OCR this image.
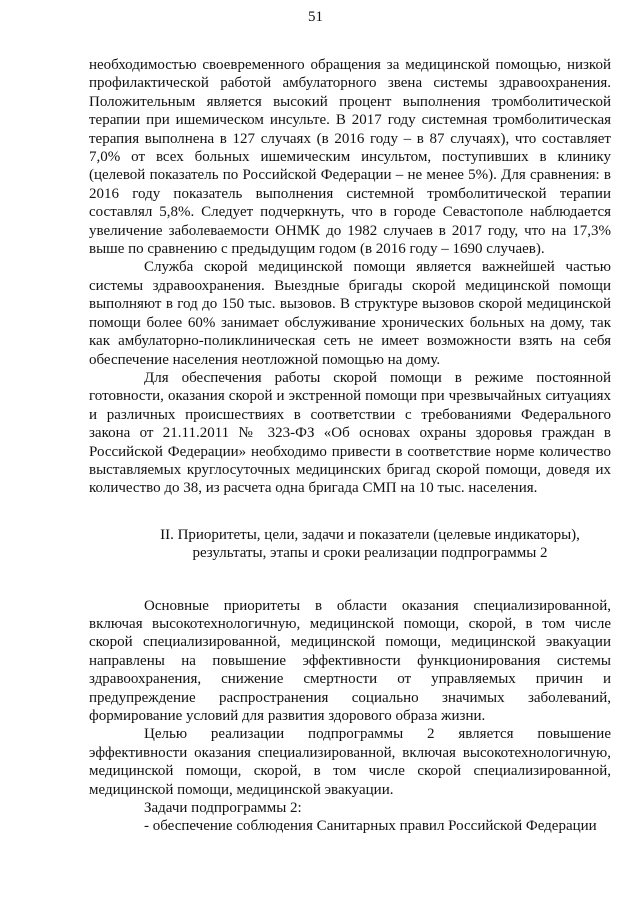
51

необходимостью своевременного обращения за медицинской помощью, низкой профилактической работой амбулаторного звена системы здравоохранения. Положительным является высокий процент выполнения тромболитической терапии при ишемическом инсульте. В 2017 году системная тромболитическая терапия выполнена в 127 случаях (в 2016 году – в 87 случаях), что составляет 7,0% от всех больных ишемическим инсультом, поступивших в клинику (целевой показатель по Российской Федерации – не менее 5%). Для сравнения: в 2016 году показатель выполнения системной тромболитической терапии составлял 5,8%. Следует подчеркнуть, что в городе Севастополе наблюдается увеличение заболеваемости ОНМК до 1982 случаев в 2017 году, что на 17,3% выше по сравнению с предыдущим годом (в 2016 году – 1690 случаев).

Служба скорой медицинской помощи является важнейшей частью системы здравоохранения. Выездные бригады скорой медицинской помощи выполняют в год до 150 тыс. вызовов. В структуре вызовов скорой медицинской помощи более 60% занимает обслуживание хронических больных на дому, так как амбулаторно-поликлиническая сеть не имеет возможности взять на себя обеспечение населения неотложной помощью на дому.

Для обеспечения работы скорой помощи в режиме постоянной готовности, оказания скорой и экстренной помощи при чрезвычайных ситуациях и различных происшествиях в соответствии с требованиями Федерального закона от 21.11.2011 № 323-ФЗ «Об основах охраны здоровья граждан в Российской Федерации» необходимо привести в соответствие норме количество выставляемых круглосуточных медицинских бригад скорой помощи, доведя их количество до 38, из расчета одна бригада СМП на 10 тыс. населения.

II. Приоритеты, цели, задачи и показатели (целевые индикаторы), результаты, этапы и сроки реализации подпрограммы 2

Основные приоритеты в области оказания специализированной, включая высокотехнологичную, медицинской помощи, скорой, в том числе скорой специализированной, медицинской помощи, медицинской эвакуации направлены на повышение эффективности функционирования системы здравоохранения, снижение смертности от управляемых причин и предупреждение распространения социально значимых заболеваний, формирование условий для развития здорового образа жизни.

Целью реализации подпрограммы 2 является повышение эффективности оказания специализированной, включая высокотехнологичную, медицинской помощи, скорой, в том числе скорой специализированной, медицинской помощи, медицинской эвакуации.

Задачи подпрограммы 2:

- обеспечение соблюдения Санитарных правил Российской Федерации
